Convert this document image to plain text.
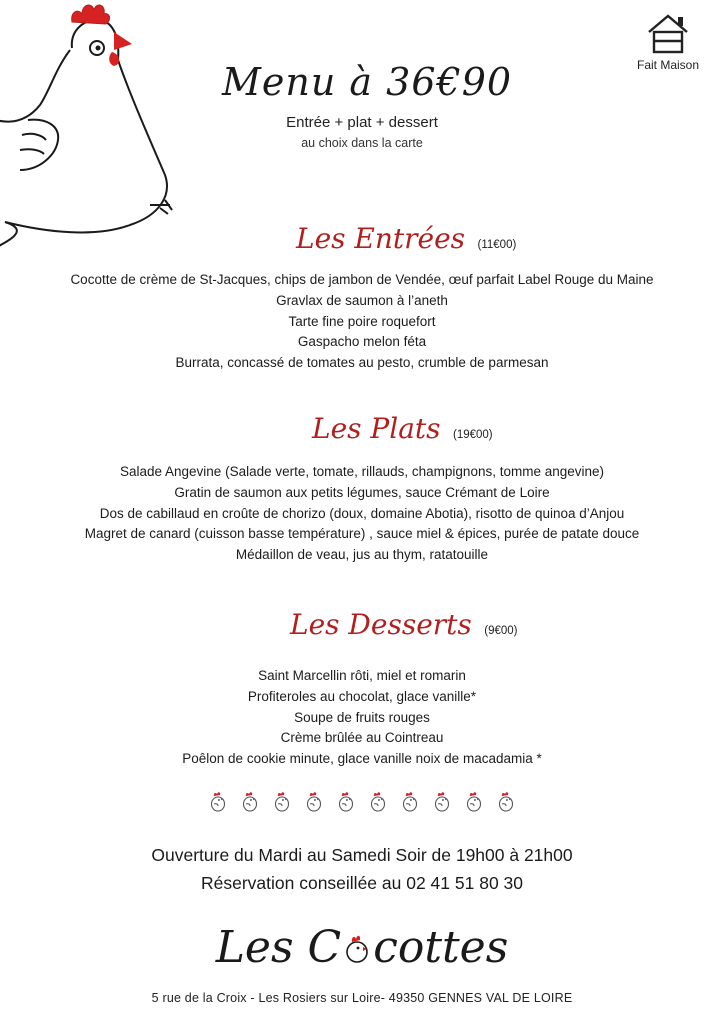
Fait Maison
Menu à 36€90
Entrée + plat + dessert
au choix dans la carte
Les Entrées (11€00)
Cocotte de crème de St-Jacques, chips de jambon de Vendée, œuf parfait Label Rouge du Maine
Gravlax de saumon à l’aneth
Tarte fine poire roquefort
Gaspacho melon féta
Burrata, concassé de tomates au pesto, crumble de parmesan
Les Plats (19€00)
Salade Angevine (Salade verte, tomate, rillauds, champignons, tomme angevine)
Gratin de saumon aux petits légumes, sauce Crémant de Loire
Dos de cabillaud en croûte de chorizo (doux, domaine Abotia), risotto de quinoa d’Anjou
Magret de canard (cuisson basse température) , sauce miel & épices, purée de patate douce
Médaillon de veau, jus au thym, ratatouille
Les Desserts (9€00)
Saint Marcellin rôti, miel et romarin
Profiteroles au chocolat, glace vanille*
Soupe de fruits rouges
Crème brûlée au Cointreau
Poêlon de cookie minute, glace vanille noix de macadamia *
Ouverture du Mardi au Samedi Soir de 19h00 à 21h00
Réservation conseillée au 02 41 51 80 30
Les C cottes
5 rue de la Croix - Les Rosiers sur Loire- 49350 GENNES VAL DE LOIRE
